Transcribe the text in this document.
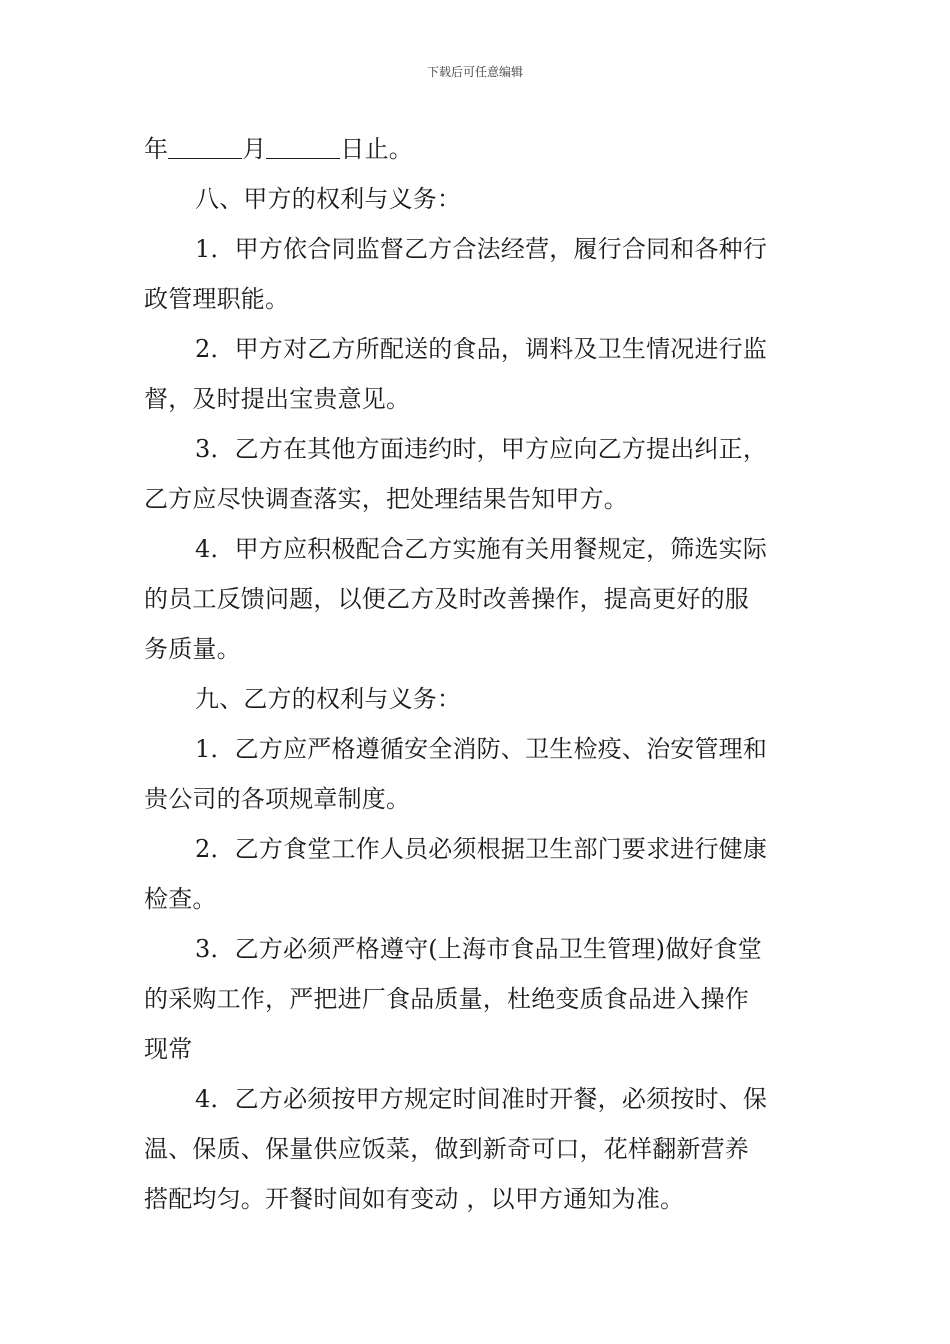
下载后可任意编辑
年	月	日止。
八、甲方的权利与义务：
1．甲方依合同监督乙方合法经营，履行合同和各种行
政管理职能。
2．甲方对乙方所配送的食品，调料及卫生情况进行监
督，及时提出宝贵意见。
3．乙方在其他方面违约时，甲方应向乙方提出纠正，
乙方应尽快调查落实，把处理结果告知甲方。
4．甲方应积极配合乙方实施有关用餐规定，筛选实际
的员工反馈问题，以便乙方及时改善操作，提高更好的服
务质量。
九、乙方的权利与义务：
1．乙方应严格遵循安全消防、卫生检疫、治安管理和
贵公司的各项规章制度。
2．乙方食堂工作人员必须根据卫生部门要求进行健康
检查。
3．乙方必须严格遵守(上海市食品卫生管理)做好食堂
的采购工作，严把进厂食品质量，杜绝变质食品进入操作
现常
4．乙方必须按甲方规定时间准时开餐，必须按时、保
温、保质、保量供应饭菜，做到新奇可口，花样翻新营养
搭配均匀。开餐时间如有变动 ，以甲方通知为准。
